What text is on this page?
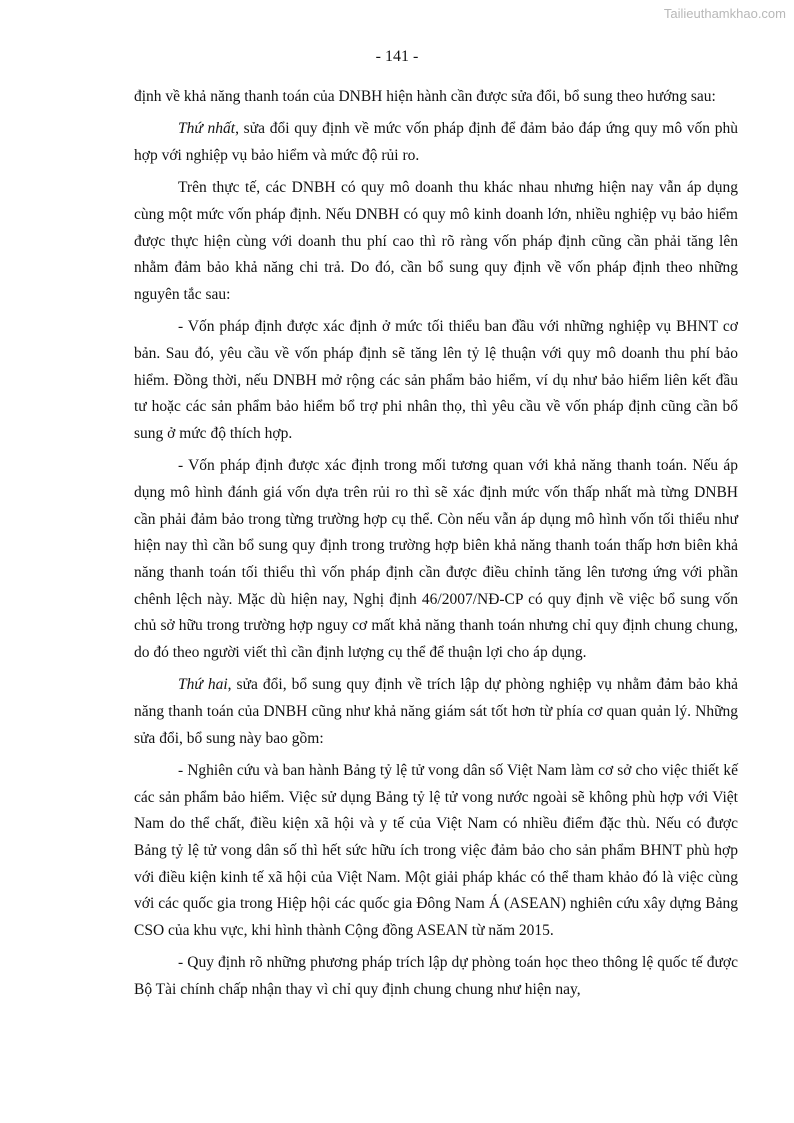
Tailieuthamkhao.com
- 141 -

định về khả năng thanh toán của DNBH hiện hành cần được sửa đổi, bổ sung theo hướng sau:

Thứ nhất, sửa đổi quy định về mức vốn pháp định để đảm bảo đáp ứng quy mô vốn phù hợp với nghiệp vụ bảo hiểm và mức độ rủi ro.

Trên thực tế, các DNBH có quy mô doanh thu khác nhau nhưng hiện nay vẫn áp dụng cùng một mức vốn pháp định. Nếu DNBH có quy mô kinh doanh lớn, nhiều nghiệp vụ bảo hiểm được thực hiện cùng với doanh thu phí cao thì rõ ràng vốn pháp định cũng cần phải tăng lên nhằm đảm bảo khả năng chi trả. Do đó, cần bổ sung quy định về vốn pháp định theo những nguyên tắc sau:

- Vốn pháp định được xác định ở mức tối thiểu ban đầu với những nghiệp vụ BHNT cơ bản. Sau đó, yêu cầu về vốn pháp định sẽ tăng lên tỷ lệ thuận với quy mô doanh thu phí bảo hiểm. Đồng thời, nếu DNBH mở rộng các sản phẩm bảo hiểm, ví dụ như bảo hiểm liên kết đầu tư hoặc các sản phẩm bảo hiểm bổ trợ phi nhân thọ, thì yêu cầu về vốn pháp định cũng cần bổ sung ở mức độ thích hợp.

- Vốn pháp định được xác định trong mối tương quan với khả năng thanh toán. Nếu áp dụng mô hình đánh giá vốn dựa trên rủi ro thì sẽ xác định mức vốn thấp nhất mà từng DNBH cần phải đảm bảo trong từng trường hợp cụ thể. Còn nếu vẫn áp dụng mô hình vốn tối thiểu như hiện nay thì cần bổ sung quy định trong trường hợp biên khả năng thanh toán thấp hơn biên khả năng thanh toán tối thiểu thì vốn pháp định cần được điều chỉnh tăng lên tương ứng với phần chênh lệch này. Mặc dù hiện nay, Nghị định 46/2007/NĐ-CP có quy định về việc bổ sung vốn chủ sở hữu trong trường hợp nguy cơ mất khả năng thanh toán nhưng chỉ quy định chung chung, do đó theo người viết thì cần định lượng cụ thể để thuận lợi cho áp dụng.

Thứ hai, sửa đổi, bổ sung quy định về trích lập dự phòng nghiệp vụ nhằm đảm bảo khả năng thanh toán của DNBH cũng như khả năng giám sát tốt hơn từ phía cơ quan quản lý. Những sửa đổi, bổ sung này bao gồm:

- Nghiên cứu và ban hành Bảng tỷ lệ tử vong dân số Việt Nam làm cơ sở cho việc thiết kế các sản phẩm bảo hiểm. Việc sử dụng Bảng tỷ lệ tử vong nước ngoài sẽ không phù hợp với Việt Nam do thể chất, điều kiện xã hội và y tế của Việt Nam có nhiều điểm đặc thù. Nếu có được Bảng tỷ lệ tử vong dân số thì hết sức hữu ích trong việc đảm bảo cho sản phẩm BHNT phù hợp với điều kiện kinh tế xã hội của Việt Nam. Một giải pháp khác có thể tham khảo đó là việc cùng với các quốc gia trong Hiệp hội các quốc gia Đông Nam Á (ASEAN) nghiên cứu xây dựng Bảng CSO của khu vực, khi hình thành Cộng đồng ASEAN từ năm 2015.

- Quy định rõ những phương pháp trích lập dự phòng toán học theo thông lệ quốc tế được Bộ Tài chính chấp nhận thay vì chỉ quy định chung chung như hiện nay,
